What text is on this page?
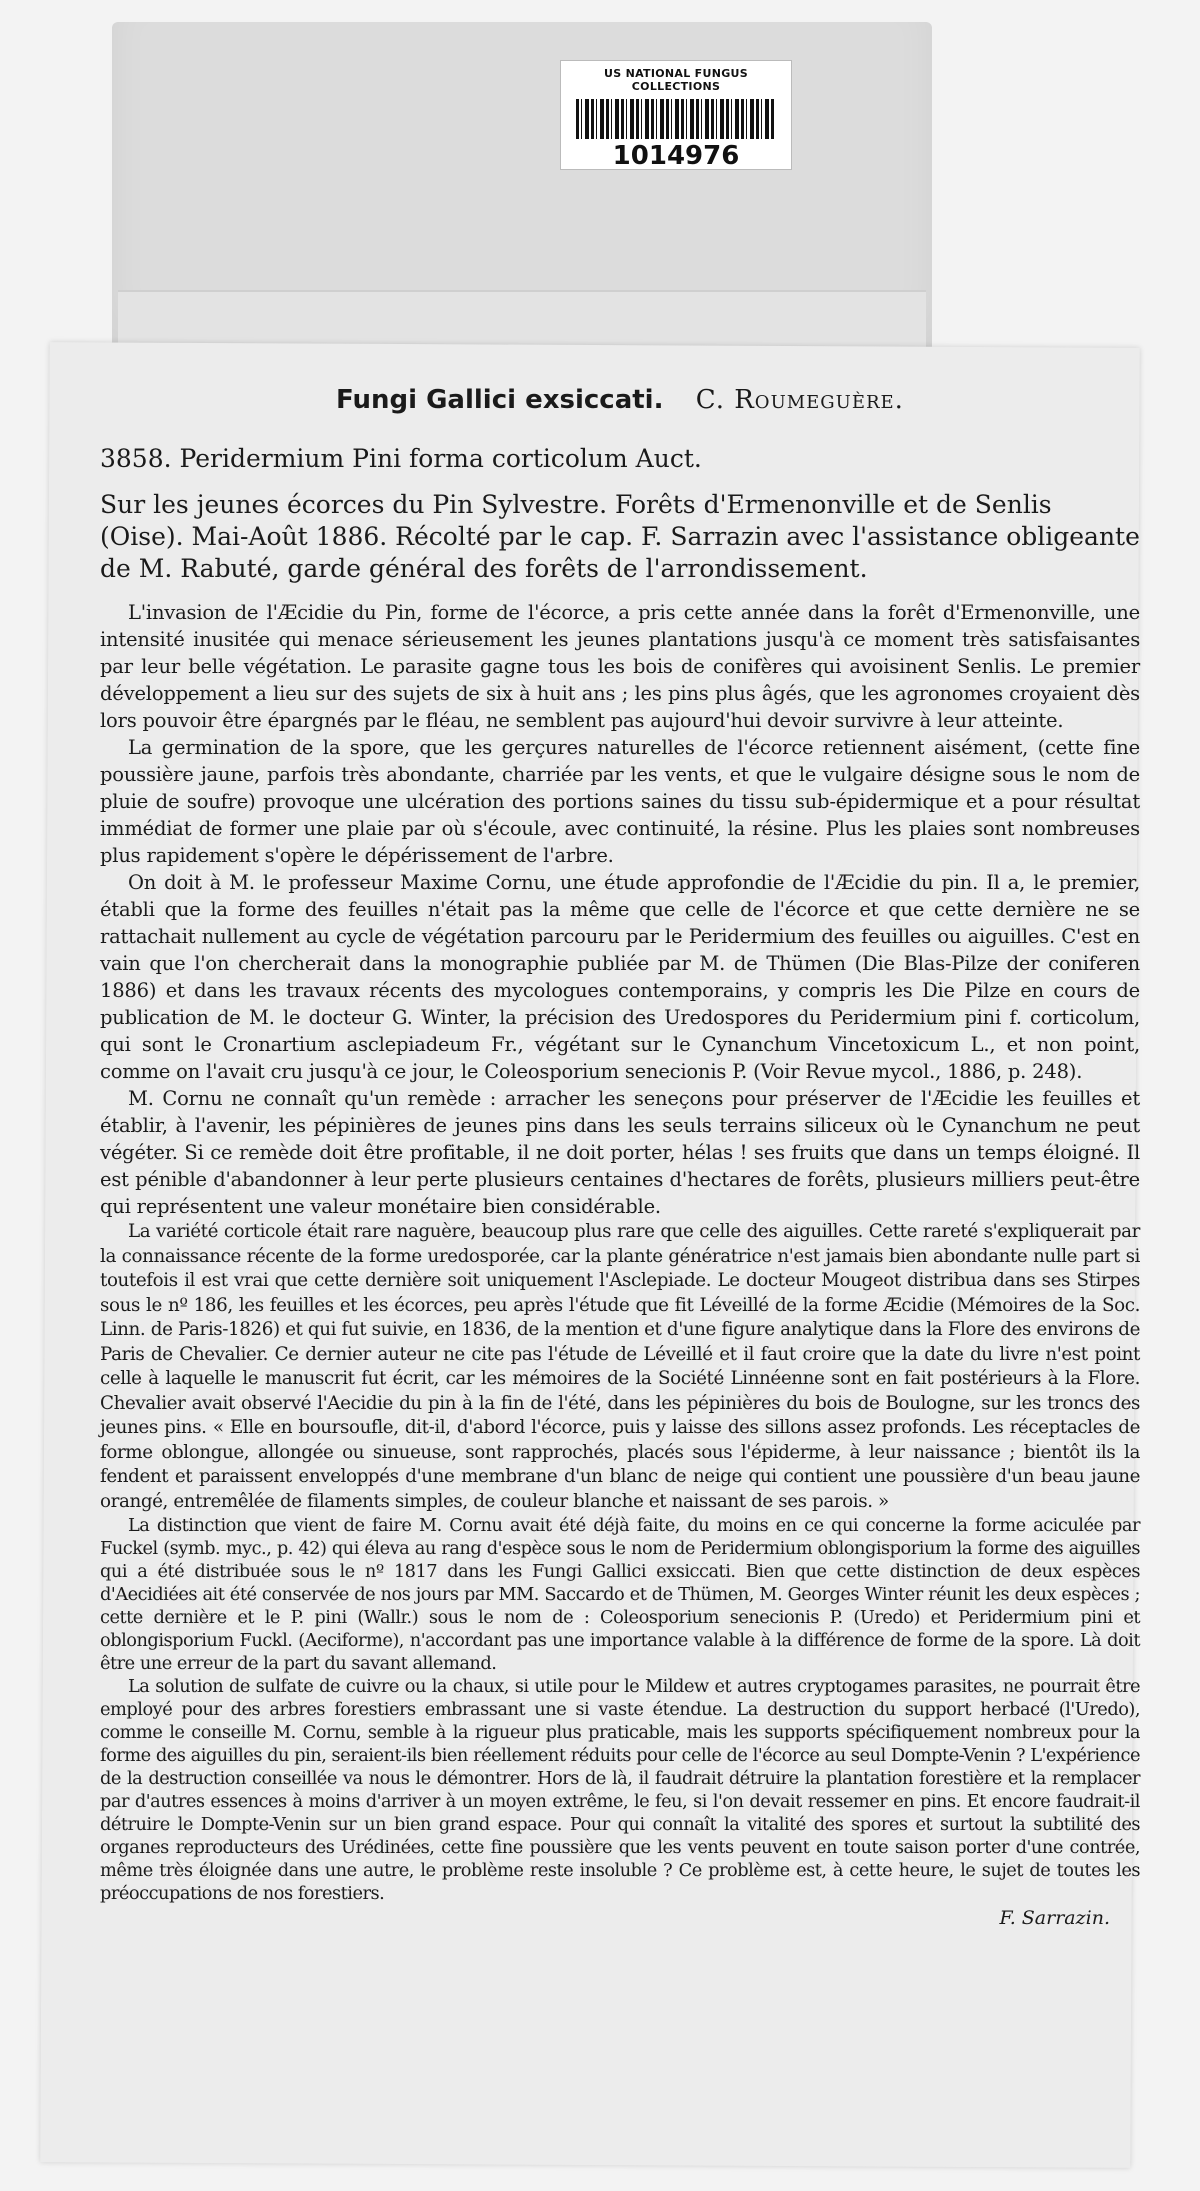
US NATIONAL FUNGUS COLLECTIONS
1014976

Fungi Gallici exsiccati. C. Roumeguère.

3858. Peridermium Pini forma corticolum Auct.

Sur les jeunes écorces du Pin Sylvestre. Forêts d'Ermenonville et de Senlis (Oise). Mai-Août 1886. Récolté par le cap. F. Sarrazin avec l'assistance obligeante de M. Rabuté, garde général des forêts de l'arrondissement.

L'invasion de l'Æcidie du Pin, forme de l'écorce, a pris cette année dans la forêt d'Ermenonville, une intensité inusitée qui menace sérieusement les jeunes plantations jusqu'à ce moment très satisfaisantes par leur belle végétation. Le parasite gagne tous les bois de conifères qui avoisinent Senlis. Le premier développement a lieu sur des sujets de six à huit ans ; les pins plus âgés, que les agronomes croyaient dès lors pouvoir être épargnés par le fléau, ne semblent pas aujourd'hui devoir survivre à leur atteinte.

La germination de la spore, que les gerçures naturelles de l'écorce retiennent aisément, (cette fine poussière jaune, parfois très abondante, charriée par les vents, et que le vulgaire désigne sous le nom de pluie de soufre) provoque une ulcération des portions saines du tissu sub-épidermique et a pour résultat immédiat de former une plaie par où s'écoule, avec continuité, la résine. Plus les plaies sont nombreuses plus rapidement s'opère le dépérissement de l'arbre.

On doit à M. le professeur Maxime Cornu, une étude approfondie de l'Æcidie du pin. Il a, le premier, établi que la forme des feuilles n'était pas la même que celle de l'écorce et que cette dernière ne se rattachait nullement au cycle de végétation parcouru par le Peridermium des feuilles ou aiguilles. C'est en vain que l'on chercherait dans la monographie publiée par M. de Thümen (Die Blas-Pilze der coniferen 1886) et dans les travaux récents des mycologues contemporains, y compris les Die Pilze en cours de publication de M. le docteur G. Winter, la précision des Uredospores du Peridermium pini f. corticolum, qui sont le Cronartium asclepiadeum Fr., végétant sur le Cynanchum Vincetoxicum L., et non point, comme on l'avait cru jusqu'à ce jour, le Coleosporium senecionis P. (Voir Revue mycol., 1886, p. 248).

M. Cornu ne connaît qu'un remède : arracher les seneçons pour préserver de l'Æcidie les feuilles et établir, à l'avenir, les pépinières de jeunes pins dans les seuls terrains siliceux où le Cynanchum ne peut végéter. Si ce remède doit être profitable, il ne doit porter, hélas ! ses fruits que dans un temps éloigné. Il est pénible d'abandonner à leur perte plusieurs centaines d'hectares de forêts, plusieurs milliers peut-être qui représentent une valeur monétaire bien considérable.

La variété corticole était rare naguère, beaucoup plus rare que celle des aiguilles. Cette rareté s'expliquerait par la connaissance récente de la forme uredosporée, car la plante génératrice n'est jamais bien abondante nulle part si toutefois il est vrai que cette dernière soit uniquement l'Asclepiade. Le docteur Mougeot distribua dans ses Stirpes sous le nº 186, les feuilles et les écorces, peu après l'étude que fit Léveillé de la forme Æcidie (Mémoires de la Soc. Linn. de Paris-1826) et qui fut suivie, en 1836, de la mention et d'une figure analytique dans la Flore des environs de Paris de Chevalier. Ce dernier auteur ne cite pas l'étude de Léveillé et il faut croire que la date du livre n'est point celle à laquelle le manuscrit fut écrit, car les mémoires de la Société Linnéenne sont en fait postérieurs à la Flore. Chevalier avait observé l'Aecidie du pin à la fin de l'été, dans les pépinières du bois de Boulogne, sur les troncs des jeunes pins. « Elle en boursoufle, dit-il, d'abord l'écorce, puis y laisse des sillons assez profonds. Les réceptacles de forme oblongue, allongée ou sinueuse, sont rapprochés, placés sous l'épiderme, à leur naissance ; bientôt ils la fendent et paraissent enveloppés d'une membrane d'un blanc de neige qui contient une poussière d'un beau jaune orangé, entremêlée de filaments simples, de couleur blanche et naissant de ses parois. »

La distinction que vient de faire M. Cornu avait été déjà faite, du moins en ce qui concerne la forme aciculée par Fuckel (symb. myc., p. 42) qui éleva au rang d'espèce sous le nom de Peridermium oblongisporium la forme des aiguilles qui a été distribuée sous le nº 1817 dans les Fungi Gallici exsiccati. Bien que cette distinction de deux espèces d'Aecidiées ait été conservée de nos jours par MM. Saccardo et de Thümen, M. Georges Winter réunit les deux espèces ; cette dernière et le P. pini (Wallr.) sous le nom de : Coleosporium senecionis P. (Uredo) et Peridermium pini et oblongisporium Fuckl. (Aeciforme), n'accordant pas une importance valable à la différence de forme de la spore. Là doit être une erreur de la part du savant allemand.

La solution de sulfate de cuivre ou la chaux, si utile pour le Mildew et autres cryptogames parasites, ne pourrait être employé pour des arbres forestiers embrassant une si vaste étendue. La destruction du support herbacé (l'Uredo), comme le conseille M. Cornu, semble à la rigueur plus praticable, mais les supports spécifiquement nombreux pour la forme des aiguilles du pin, seraient-ils bien réellement réduits pour celle de l'écorce au seul Dompte-Venin ? L'expérience de la destruction conseillée va nous le démontrer. Hors de là, il faudrait détruire la plantation forestière et la remplacer par d'autres essences à moins d'arriver à un moyen extrême, le feu, si l'on devait ressemer en pins. Et encore faudrait-il détruire le Dompte-Venin sur un bien grand espace. Pour qui connaît la vitalité des spores et surtout la subtilité des organes reproducteurs des Urédinées, cette fine poussière que les vents peuvent en toute saison porter d'une contrée, même très éloignée dans une autre, le problème reste insoluble ? Ce problème est, à cette heure, le sujet de toutes les préoccupations de nos forestiers.

F. Sarrazin.
